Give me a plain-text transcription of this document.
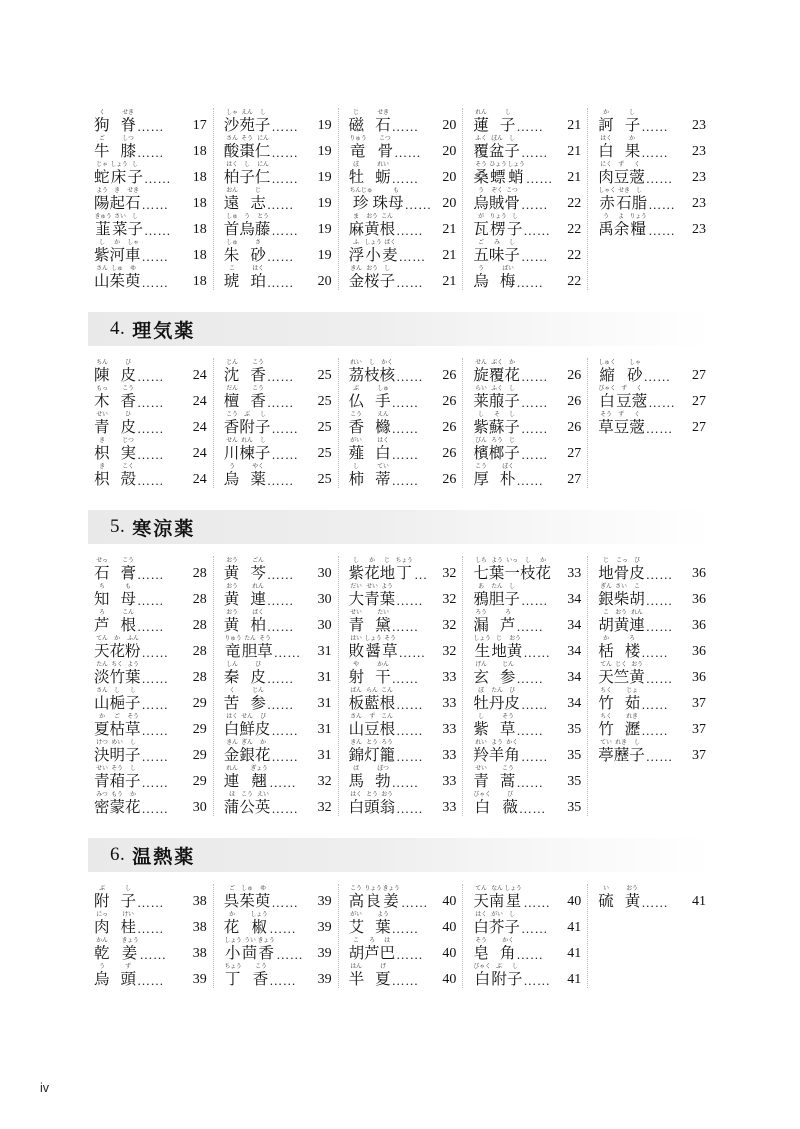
く
狗
せき
脊 …… 17
ご
牛
しつ
膝 …… 18
じゃ
蛇
しょう
床
し
子 …… 18
よう
陽
き
起
せき
石 …… 18
きゅう
韮
さい
菜
し
子 …… 18
し
紫
か
河
しゃ
車 …… 18
さん
山
しゅ
茱
ゆ
萸 …… 18
しゃ
沙
えん
苑
し
子 …… 19
さん
酸
そう
棗
にん
仁 …… 19
はく
柏
し
子
にん
仁 …… 19
おん
遠
じ
志 …… 19
しゅ
首
う
烏
とう
藤 …… 19
しゅ
朱
さ
砂 …… 19
こ
琥
はく
珀 …… 20
じ
磁
せき
石 …… 20
りゅう
竜
こつ
骨 …… 20
ぼ
牡
れい
蛎 …… 20
ちんじゅ
珍 珠
も
母 …… 20
ま
麻
おう
黄
こん
根 …… 21
ふ
浮
しょう
小
ばく
麦 …… 21
きん
金
おう
桜
し
子 …… 21
れん
蓮
し
子 …… 21
ふく
覆
ぼん
盆
し
子 …… 21
そう
桑
ひょう
螵
しょう
蛸 …… 21
う
烏
ぞく
賊
こつ
骨 …… 22
が
瓦
りょう
楞
し
子 …… 22
ご
五
み
味
し
子 …… 22
う
烏
ばい
梅 …… 22
か
訶
し
子 …… 23
はく
白
か
果 …… 23
にく
肉
ず
豆
く
蔲 …… 23
しゃく
赤
せき
石
し
脂 …… 23
う
禹
よ
余
りょう
糧 …… 23
4. 理気薬
ちん
陳
ぴ
皮 …… 24
もっ
木
こう
香 …… 24
せい
青
ひ
皮 …… 24
き
枳
じつ
実 …… 24
き
枳
こく
殻 …… 24
じん
沈
こう
香 …… 25
だん
檀
こう
香 …… 25
こう
香
ぶ
附
し
子 …… 25
せん
川
れん
楝
し
子 …… 25
う
烏
やく
薬 …… 25
れい
茘
し
枝
かく
核 …… 26
ぶ
仏
しゅ
手 …… 26
こう
香
えん
櫞 …… 26
がい
薤
はく
白 …… 26
し
柿
てい
蒂 …… 26
せん
旋
ぶく
覆
か
花 …… 26
らい
莱
ふく
菔
し
子 …… 26
し
紫
そ
蘇
し
子 …… 26
びん
檳
ろう
榔
じ
子 …… 27
こう
厚
ぼく
朴 …… 27
しゅく
縮
しゃ
砂 …… 27
びゃく
白
ず
豆
く
蔲 …… 27
そう
草
ず
豆
く
蔲 …… 27
5. 寒涼薬
せっ
石
こう
膏 …… 28
ち
知
も
母 …… 28
ろ
芦
こん
根 …… 28
てん
天
か
花
ふん
粉 …… 28
たん
淡
ちく
竹
よう
葉 …… 28
さん
山
し
梔
し
子 …… 29
か
夏
ご
枯
そう
草 …… 29
けつ
決
めい
明
し
子 …… 29
せい
青
そう
葙
し
子 …… 29
みつ
密
もう
蒙
か
花 …… 30
おう
黄
ごん
芩 …… 30
おう
黄
れん
連 …… 30
おう
黄
ばく
柏 …… 30
りゅう
竜
たん
胆
そう
草 …… 31
しん
秦
ぴ
皮 …… 31
く
苦
じん
参 …… 31
はく
白
せん
鮮
ぴ
皮 …… 31
きん
金
ぎん
銀
か
花 …… 31
れん
連
ぎょう
翹 …… 32
ほ
蒲
こう
公
えい
英 …… 32
し
紫
か
花
じ
地
ちょう
丁 … 32
だい
大
せい
青
よう
葉 …… 32
せい
青
たい
黛 …… 32
はい
敗
しょう
醤
そう
草 …… 32
や
射
かん
干 …… 33
ばん
板
らん
藍
こん
根 …… 33
さん
山
ず
豆
こん
根 …… 33
きん
錦
とう
灯
ろう
籠 …… 33
ば
馬
ぼつ
勃 …… 33
はく
白
とう
頭
おう
翁 …… 33
しち
七
よう
葉
いっ
一
し
枝
か
花 33
あ
鴉
たん
胆
し
子 …… 34
ろう
漏
ろ
芦 …… 34
しょう
生
じ
地
おう
黄 …… 34
げん
玄
じん
参 …… 34
ぼ
牡
たん
丹
ぴ
皮 …… 34
し
紫
そう
草 …… 35
れい
羚
よう
羊
かく
角 …… 35
せい
青
こう
蒿 …… 35
びゃく
白
び
薇 …… 35
じ
地
こっ
骨
ぴ
皮 …… 36
ぎん
銀
さい
柴
こ
胡 …… 36
こ
胡
おう
黄
れん
連 …… 36
か
栝
ろ
楼 …… 36
てん
天
じく
竺
おう
黄 …… 36
ちく
竹
じょ
茹 …… 37
ちく
竹
れき
瀝 …… 37
てい
葶
れき
藶
し
子 …… 37
6. 温熱薬
ぶ
附
し
子 …… 38
にっ
肉
けい
桂 …… 38
かん
乾
きょう
姜 …… 38
う
烏
ず
頭 …… 39
ご
呉
しゅ
茱
ゆ
萸 …… 39
か
花
しょう
椒 …… 39
しょう
小
うい
茴
きょう
香 …… 39
ちょう
丁
こう
香 …… 39
こう
高
りょう
良
きょう
姜 …… 40
がい
艾
よう
葉 …… 40
こ
胡
ろ
芦
は
巴 …… 40
はん
半
げ
夏 …… 40
てん
天
なん
南
しょう
星 …… 40
はく
白
がい
芥
し
子 …… 41
そう
皂
かく
角 …… 41
びゃく
白
ぶ
附
し
子 …… 41
い
硫
おう
黄 …… 41
iv
